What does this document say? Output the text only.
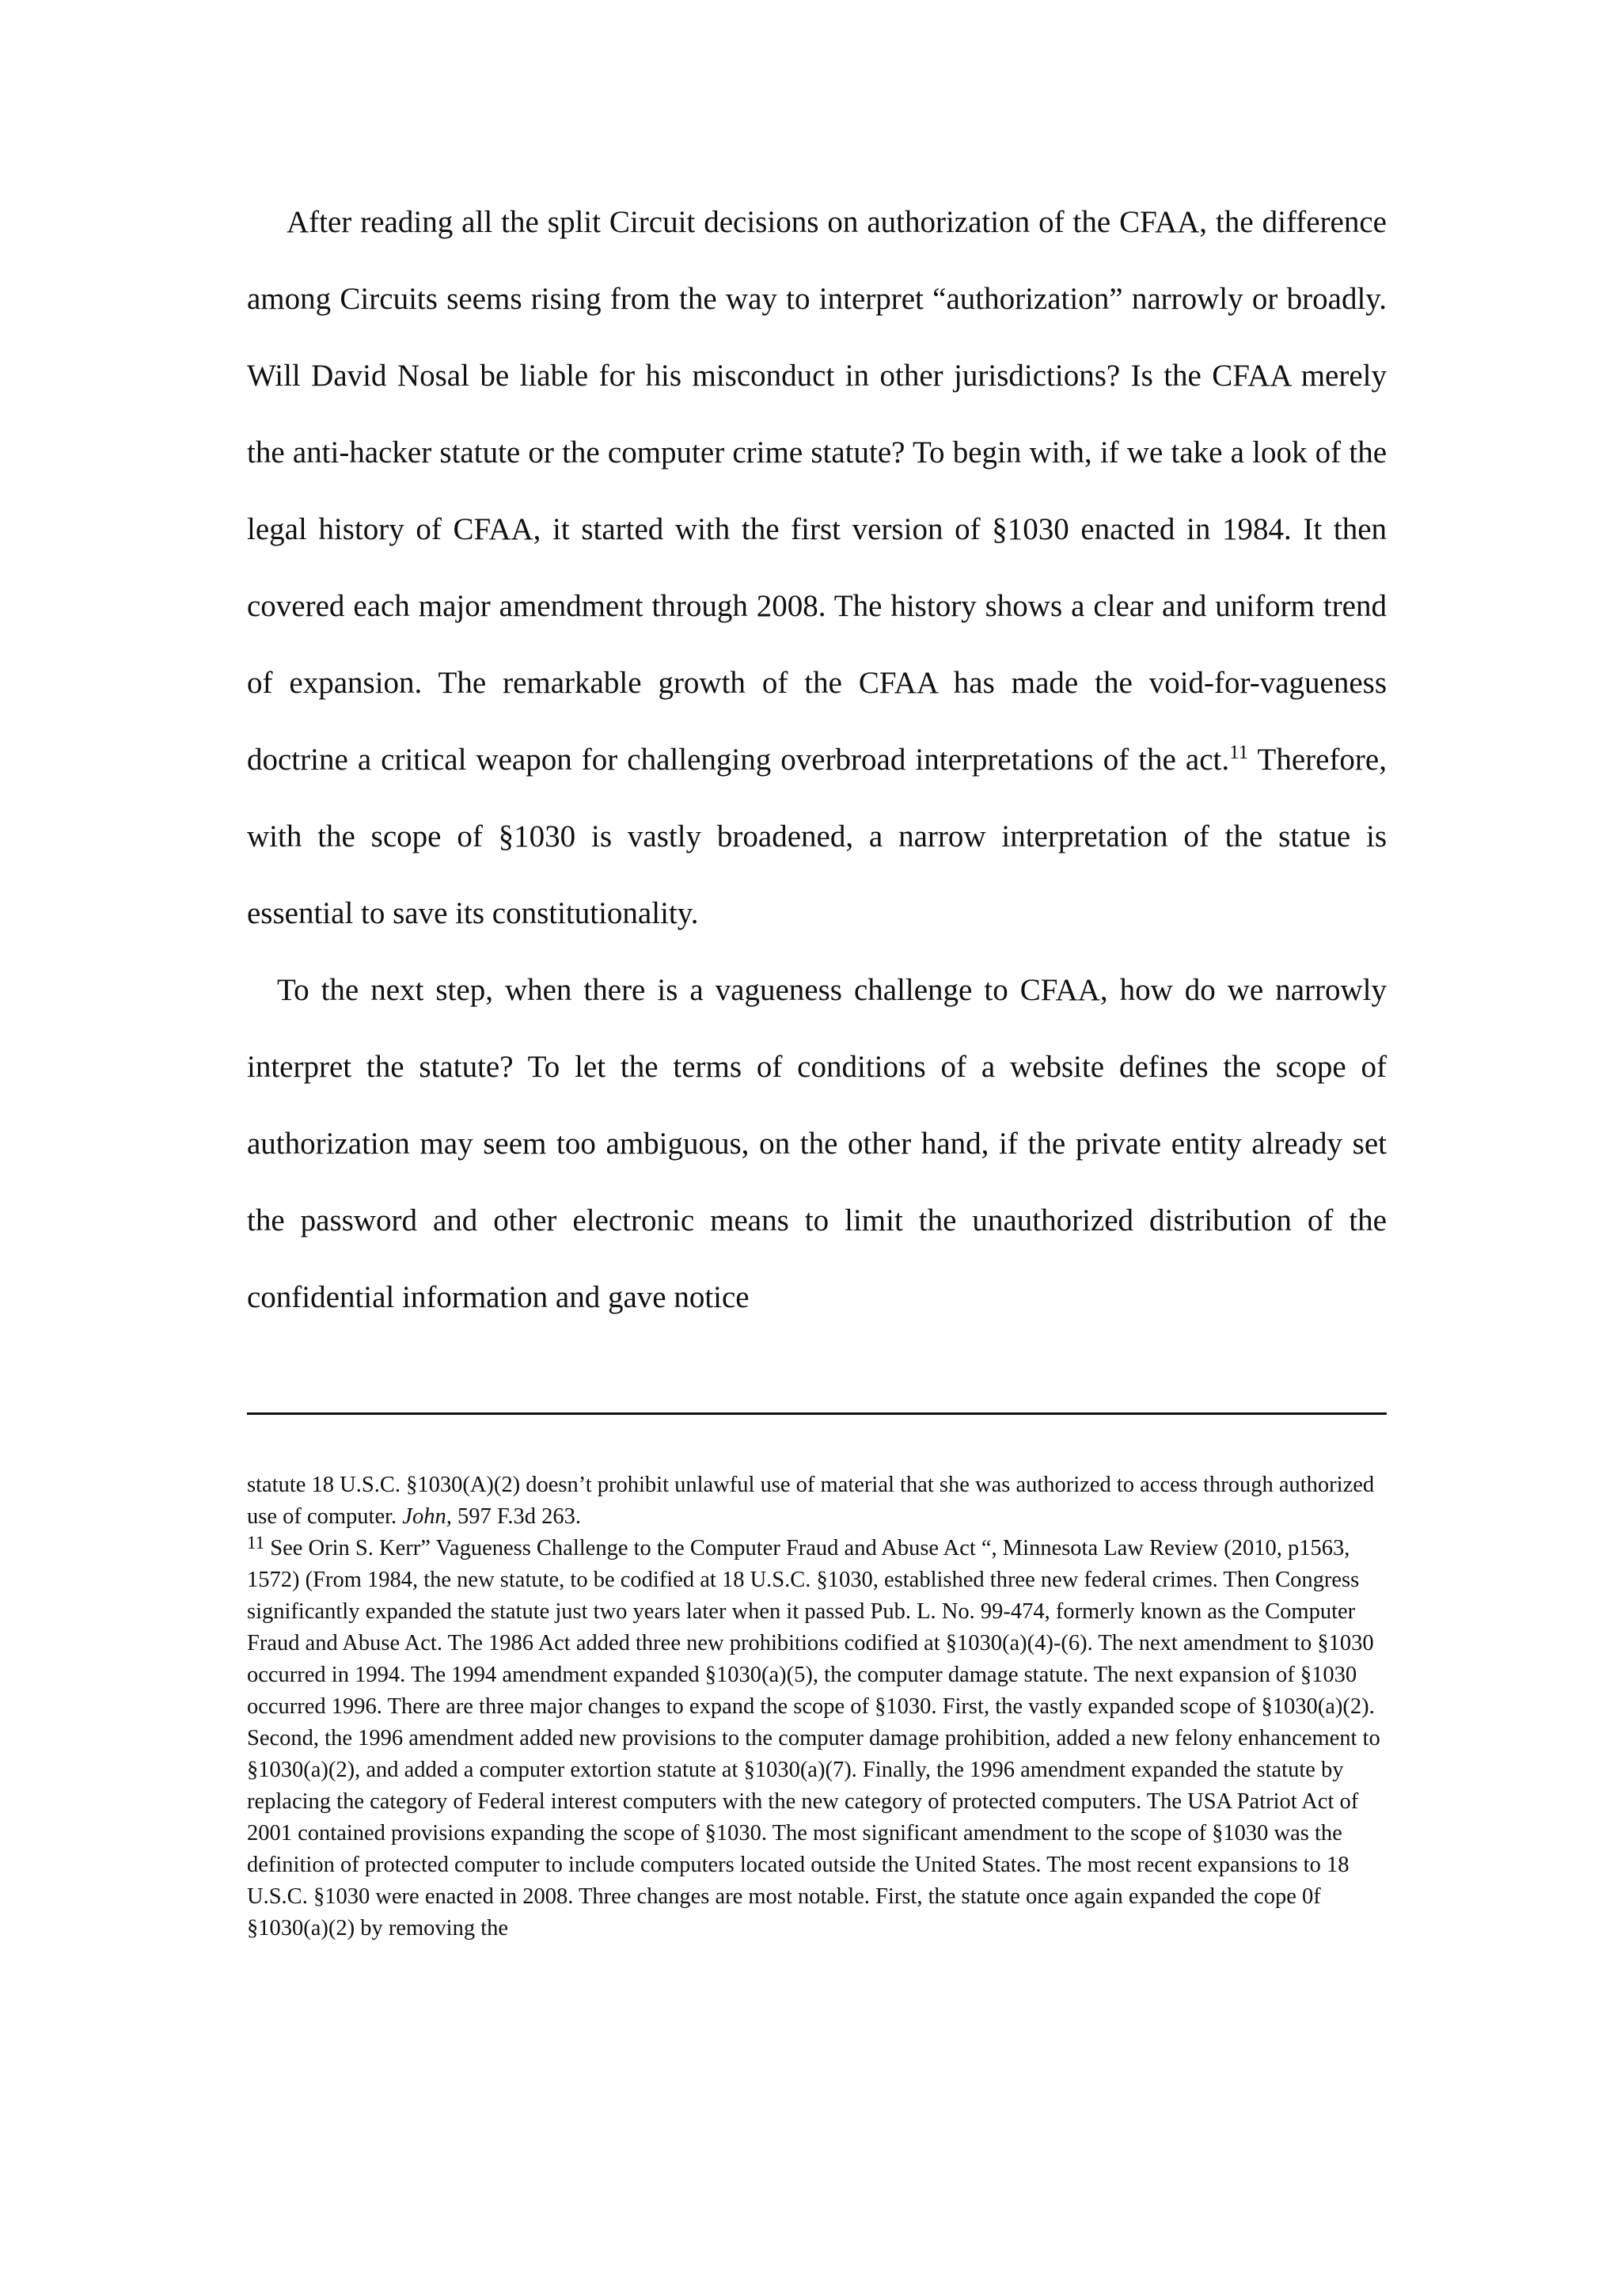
After reading all the split Circuit decisions on authorization of the CFAA, the difference among Circuits seems rising from the way to interpret “authorization” narrowly or broadly. Will David Nosal be liable for his misconduct in other jurisdictions? Is the CFAA merely the anti-hacker statute or the computer crime statute? To begin with, if we take a look of the legal history of CFAA, it started with the first version of §1030 enacted in 1984. It then covered each major amendment through 2008. The history shows a clear and uniform trend of expansion. The remarkable growth of the CFAA has made the void-for-vagueness doctrine a critical weapon for challenging overbroad interpretations of the act.$^{11}$ Therefore, with the scope of §1030 is vastly broadened, a narrow interpretation of the statue is essential to save its constitutionality.

To the next step, when there is a vagueness challenge to CFAA, how do we narrowly interpret the statute? To let the terms of conditions of a website defines the scope of authorization may seem too ambiguous, on the other hand, if the private entity already set the password and other electronic means to limit the unauthorized distribution of the confidential information and gave notice

statute 18 U.S.C. §1030(A)(2) doesn’t prohibit unlawful use of material that she was authorized to access through authorized use of computer. John, 597 F.3d 263.

$^{11}$ See Orin S. Kerr” Vagueness Challenge to the Computer Fraud and Abuse Act “, Minnesota Law Review (2010, p1563, 1572) (From 1984, the new statute, to be codified at 18 U.S.C. §1030, established three new federal crimes. Then Congress significantly expanded the statute just two years later when it passed Pub. L. No. 99-474, formerly known as the Computer Fraud and Abuse Act. The 1986 Act added three new prohibitions codified at §1030(a)(4)-(6). The next amendment to §1030 occurred in 1994. The 1994 amendment expanded §1030(a)(5), the computer damage statute. The next expansion of §1030 occurred 1996. There are three major changes to expand the scope of §1030. First, the vastly expanded scope of §1030(a)(2). Second, the 1996 amendment added new provisions to the computer damage prohibition, added a new felony enhancement to §1030(a)(2), and added a computer extortion statute at §1030(a)(7). Finally, the 1996 amendment expanded the statute by replacing the category of Federal interest computers with the new category of protected computers. The USA Patriot Act of 2001 contained provisions expanding the scope of §1030. The most significant amendment to the scope of §1030 was the definition of protected computer to include computers located outside the United States. The most recent expansions to 18 U.S.C. §1030 were enacted in 2008. Three changes are most notable. First, the statute once again expanded the cope 0f §1030(a)(2) by removing the
